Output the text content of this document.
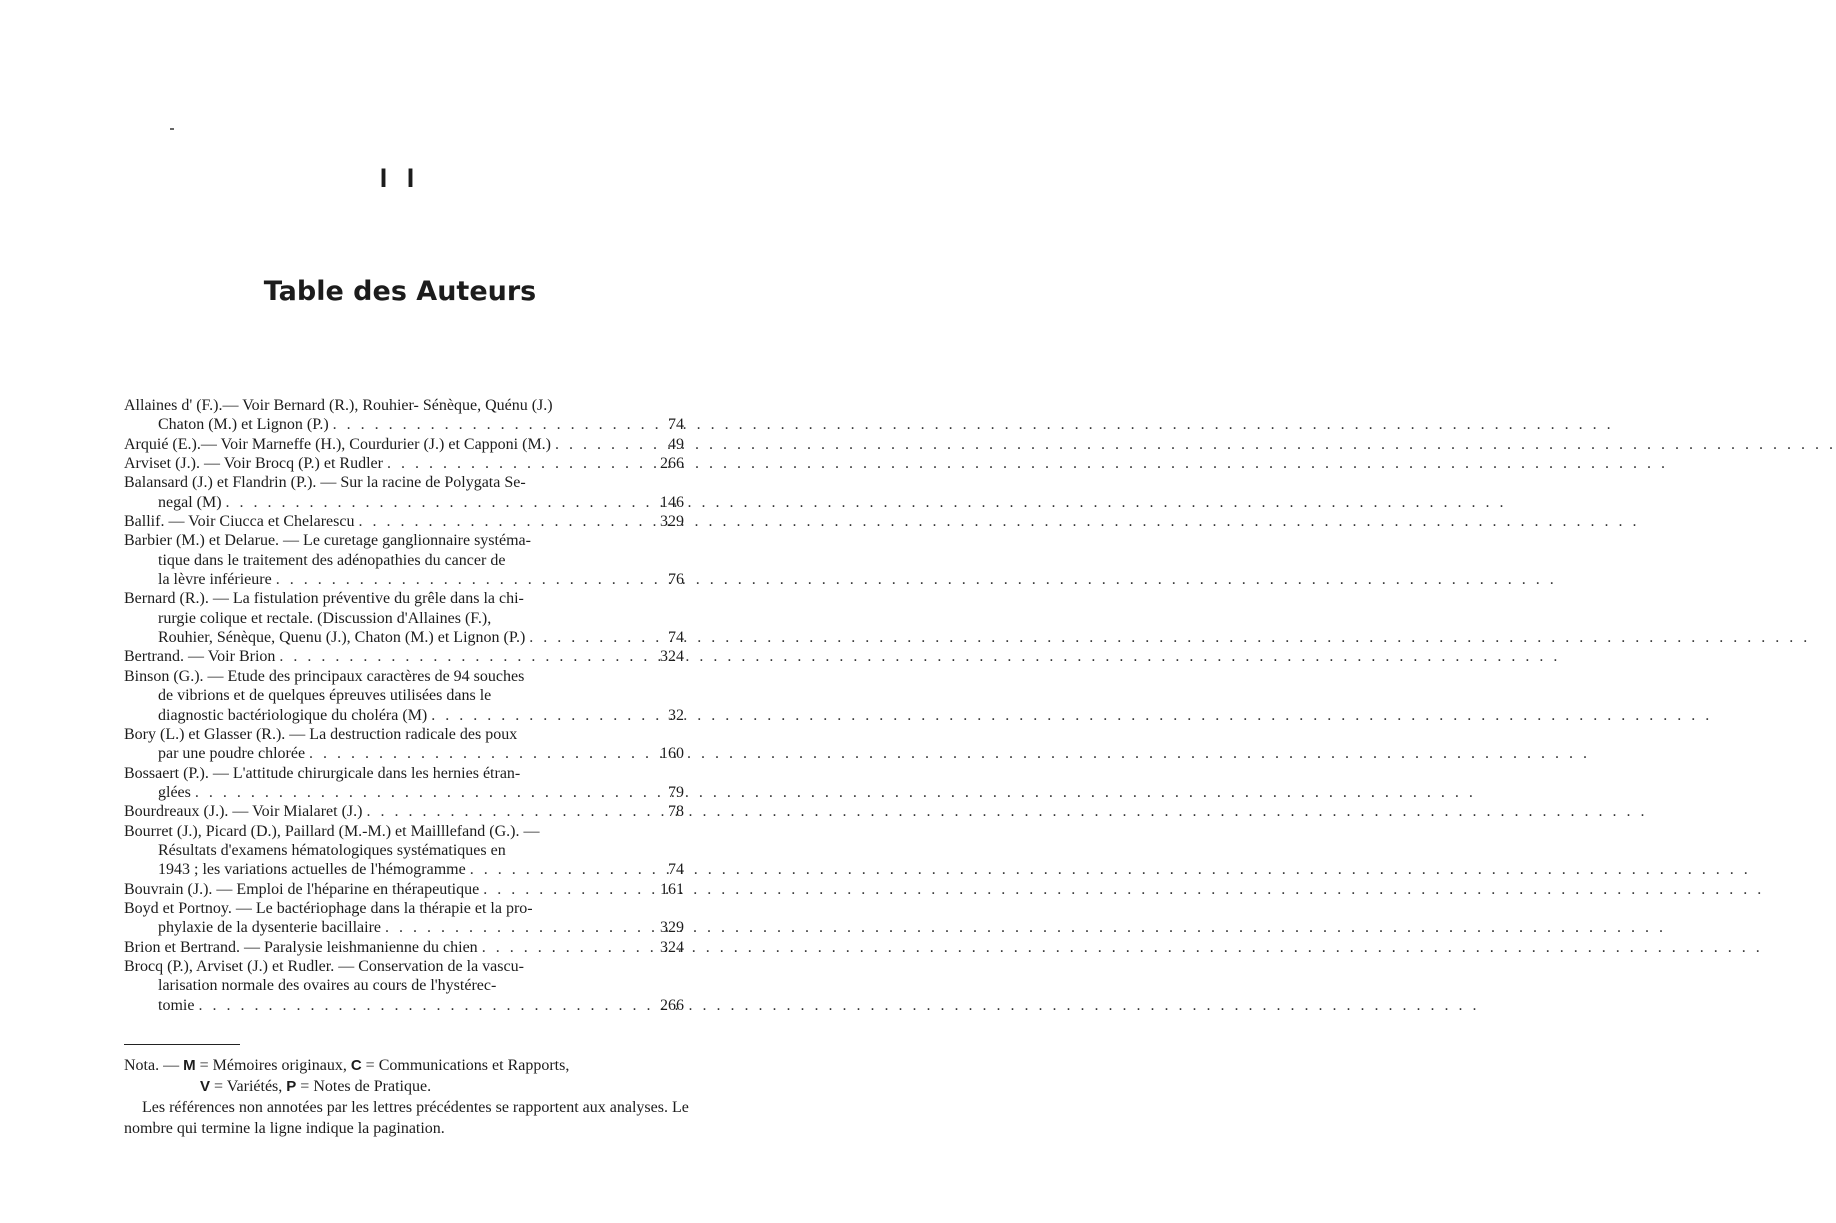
I I
Table des Auteurs
Allaines d' (F.).— Voir Bernard (R.), Rouhier- Sénèque, Quénu (J.)
Chaton (M.) et Lignon (P.) . . .	74
Arquié (E.).— Voir Marneffe (H.), Courdurier (J.) et Capponi (M.) . . .	49
Arviset (J.). — Voir Brocq (P.) et Rudler . . .	266
Balansard (J.) et Flandrin (P.). — Sur la racine de Polygata Se-
negal (M) . . .	146
Ballif. — Voir Ciucca et Chelarescu . . .	329
Barbier (M.) et Delarue. — Le curetage ganglionnaire systéma-
tique dans le traitement des adénopathies du cancer de
la lèvre inférieure . . .	76
Bernard (R.). — La fistulation préventive du grêle dans la chi-
rurgie colique et rectale. (Discussion d'Allaines (F.),
Rouhier, Sénèque, Quenu (J.), Chaton (M.) et Lignon (P.) . . .	74
Bertrand. — Voir Brion . . .	324
Binson (G.). — Etude des principaux caractères de 94 souches
de vibrions et de quelques épreuves utilisées dans le
diagnostic bactériologique du choléra (M) . . .	32
Bory (L.) et Glasser (R.). — La destruction radicale des poux
par une poudre chlorée . . .	160
Bossaert (P.). — L'attitude chirurgicale dans les hernies étran-
glées . . .	79
Bourdreaux (J.). — Voir Mialaret (J.) . . .	78
Bourret (J.), Picard (D.), Paillard (M.-M.) et Mailllefand (G.). —
Résultats d'examens hématologiques systématiques en
1943 ; les variations actuelles de l'hémogramme . . .	74
Bouvrain (J.). — Emploi de l'héparine en thérapeutique . . .	161
Boyd et Portnoy. — Le bactériophage dans la thérapie et la pro-
phylaxie de la dysenterie bacillaire . . .	329
Brion et Bertrand. — Paralysie leishmanienne du chien . . .	324
Brocq (P.), Arviset (J.) et Rudler. — Conservation de la vascu-
larisation normale des ovaires au cours de l'hystérec-
tomie . . .	266

Nota. — M = Mémoires originaux, C = Communications et Rapports,

V = Variétés, P = Notes de Pratique.

Les références non annotées par les lettres précédentes se rapportent aux analyses. Le nombre qui termine la ligne indique la pagination.
